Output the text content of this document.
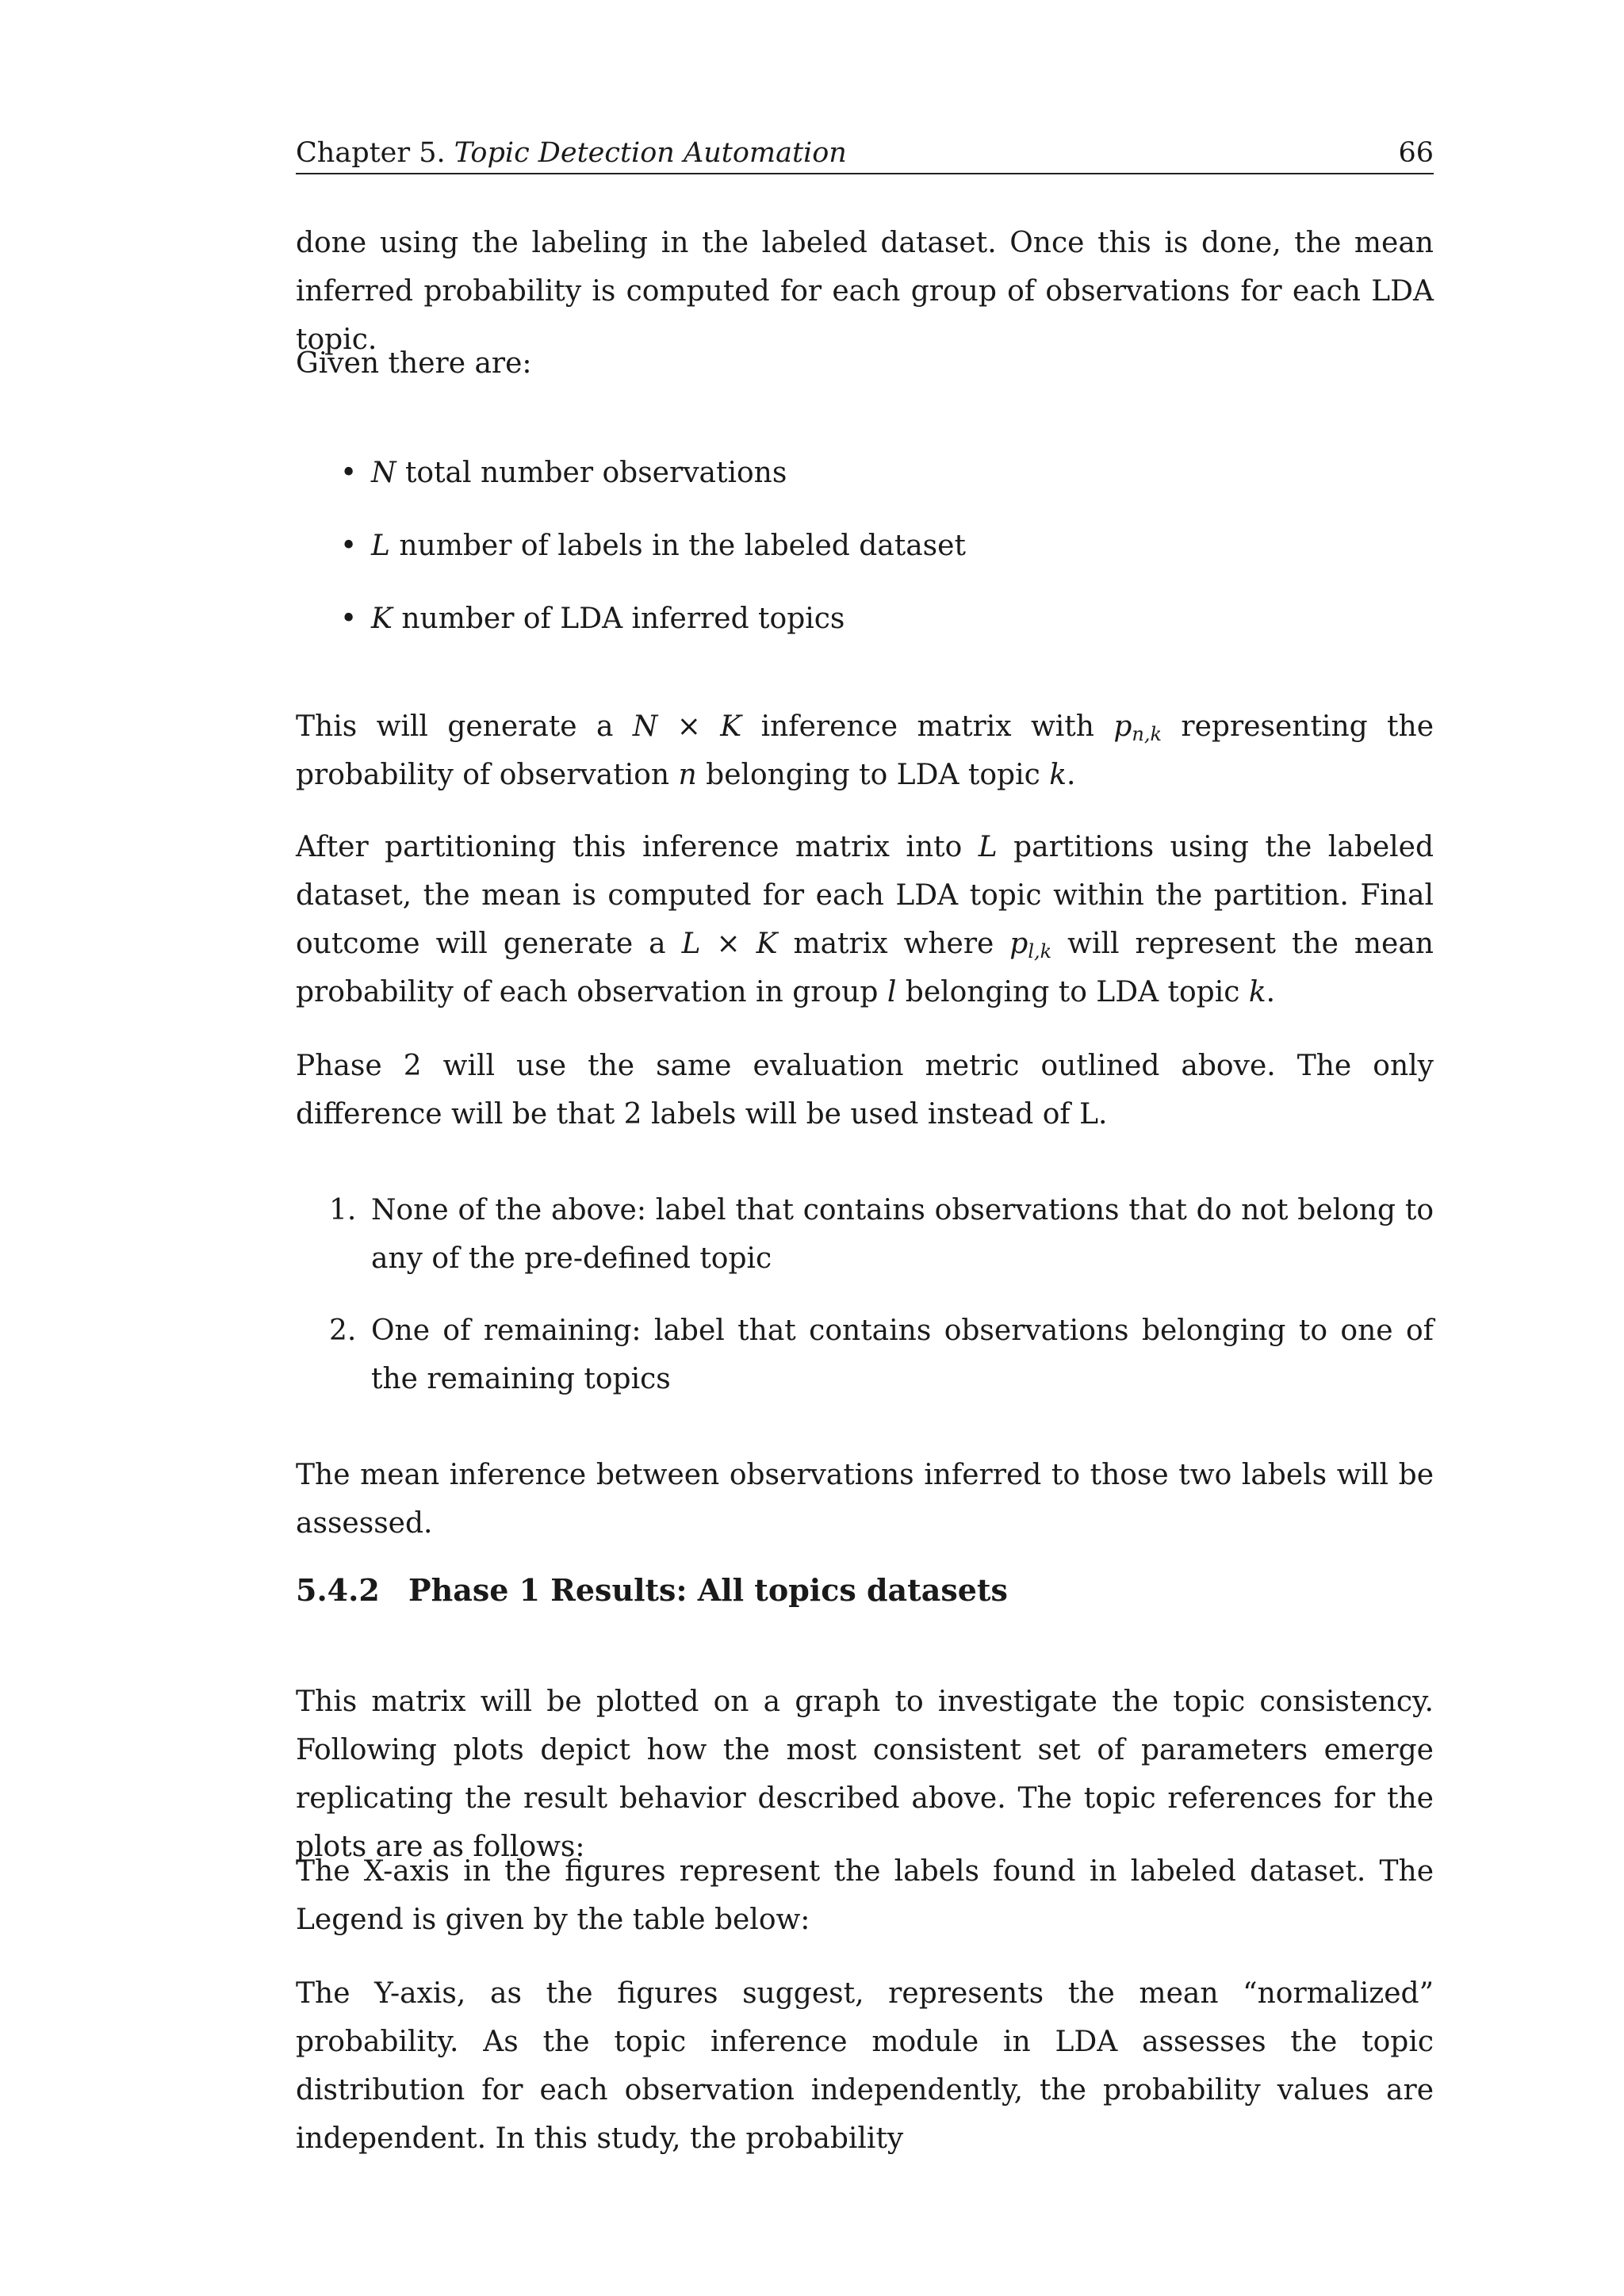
Chapter 5. Topic Detection Automation	66

done using the labeling in the labeled dataset. Once this is done, the mean inferred probability is computed for each group of observations for each LDA topic.

Given there are:

• N total number observations
• L number of labels in the labeled dataset
• K number of LDA inferred topics

This will generate a N × K inference matrix with $p_{n,k}$ representing the probability of observation n belonging to LDA topic k.

After partitioning this inference matrix into L partitions using the labeled dataset, the mean is computed for each LDA topic within the partition. Final outcome will generate a L × K matrix where $p_{l,k}$ will represent the mean probability of each observation in group l belonging to LDA topic k.

Phase 2 will use the same evaluation metric outlined above. The only difference will be that 2 labels will be used instead of L.

1. None of the above: label that contains observations that do not belong to any of the pre-defined topic
2. One of remaining: label that contains observations belonging to one of the remaining topics

The mean inference between observations inferred to those two labels will be assessed.

5.4.2 Phase 1 Results: All topics datasets

This matrix will be plotted on a graph to investigate the topic consistency. Following plots depict how the most consistent set of parameters emerge replicating the result behavior described above. The topic references for the plots are as follows:

The X-axis in the figures represent the labels found in labeled dataset. The Legend is given by the table below:

The Y-axis, as the figures suggest, represents the mean “normalized” probability. As the topic inference module in LDA assesses the topic distribution for each observation independently, the probability values are independent. In this study, the probability
